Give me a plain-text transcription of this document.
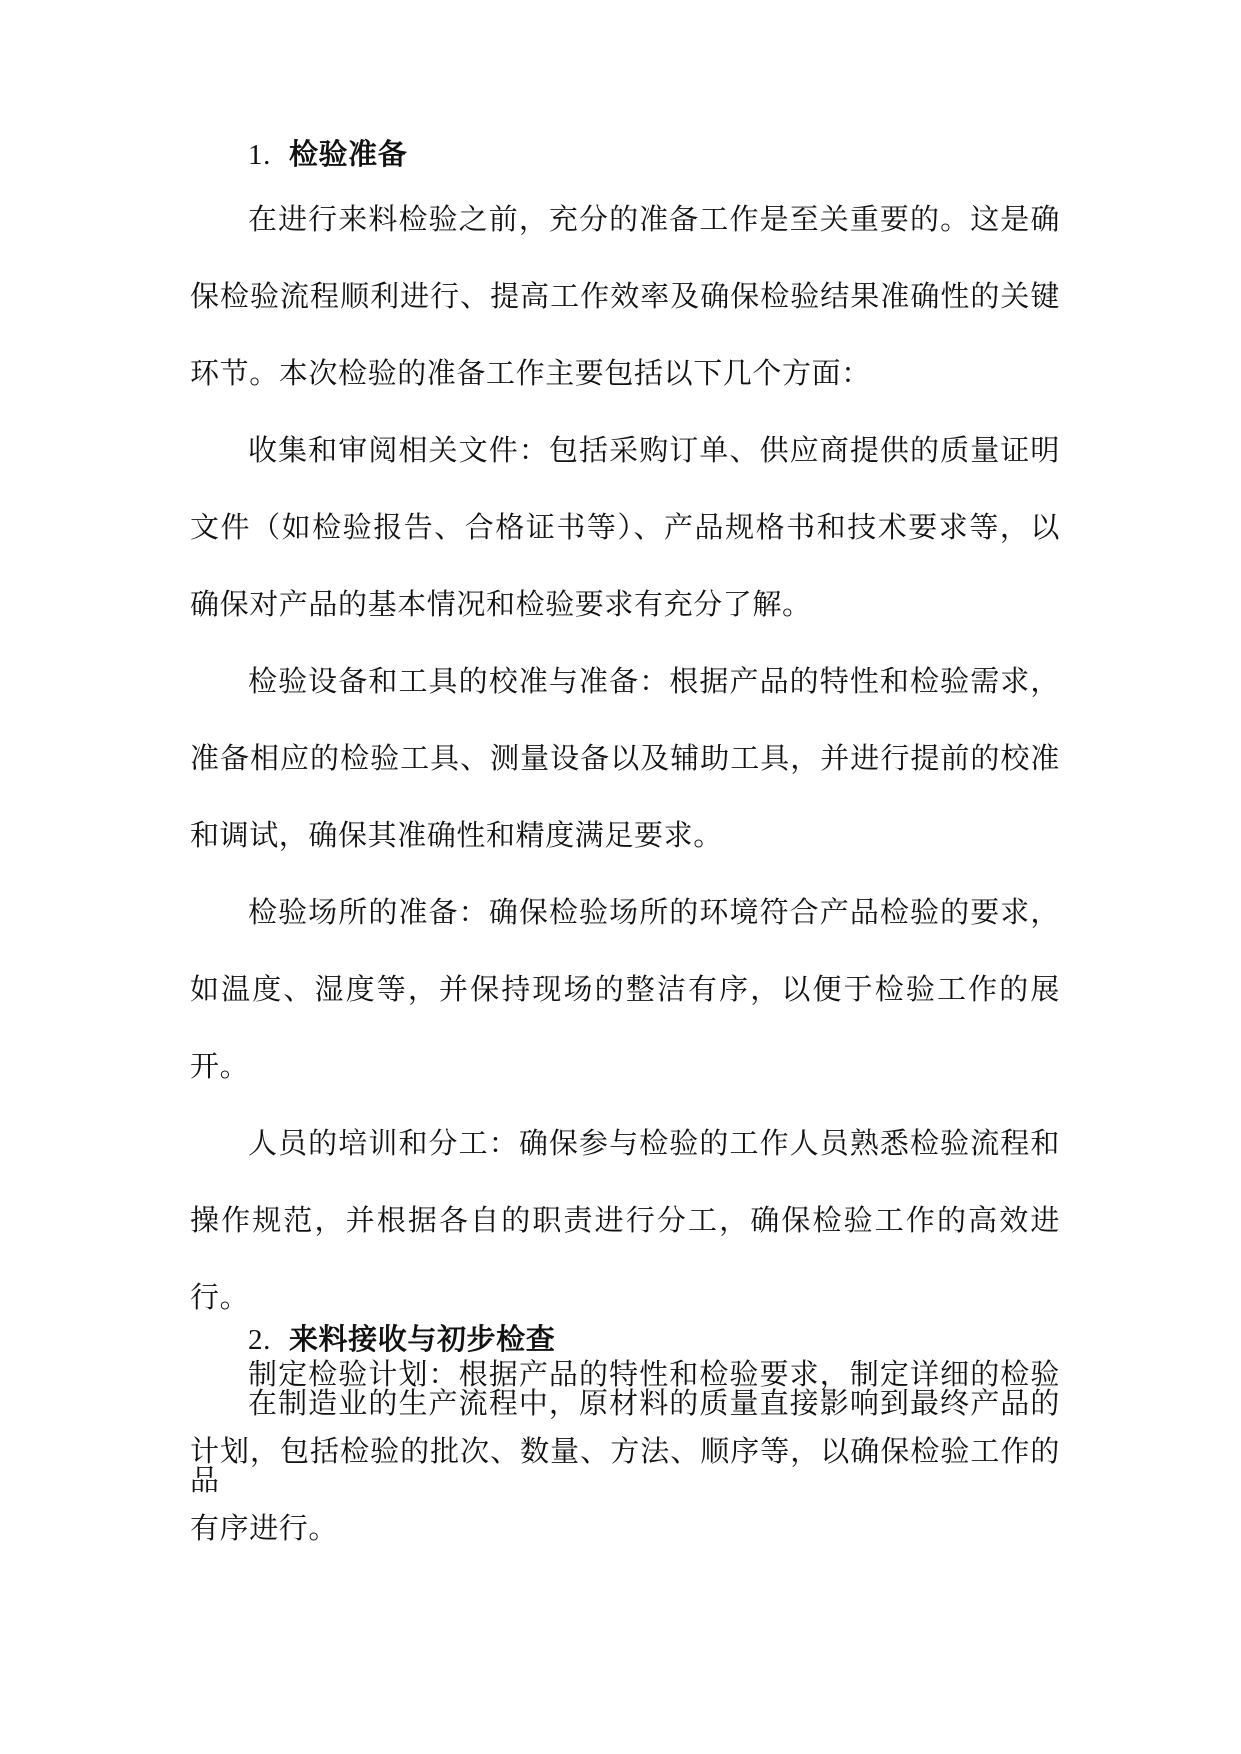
1. 检验准备

在进行来料检验之前，充分的准备工作是至关重要的。这是确保检验流程顺利进行、提高工作效率及确保检验结果准确性的关键环节。本次检验的准备工作主要包括以下几个方面：

收集和审阅相关文件：包括采购订单、供应商提供的质量证明文件（如检验报告、合格证书等）、产品规格书和技术要求等，以确保对产品的基本情况和检验要求有充分了解。

检验设备和工具的校准与准备：根据产品的特性和检验需求，准备相应的检验工具、测量设备以及辅助工具，并进行提前的校准和调试，确保其准确性和精度满足要求。

检验场所的准备：确保检验场所的环境符合产品检验的要求，如温度、湿度等，并保持现场的整洁有序，以便于检验工作的展开。

人员的培训和分工：确保参与检验的工作人员熟悉检验流程和操作规范，并根据各自的职责进行分工，确保检验工作的高效进行。

制定检验计划：根据产品的特性和检验要求，制定详细的检验计划，包括检验的批次、数量、方法、顺序等，以确保检验工作的有序进行。

2. 来料接收与初步检查

在制造业的生产流程中，原材料的质量直接影响到最终产品的品
